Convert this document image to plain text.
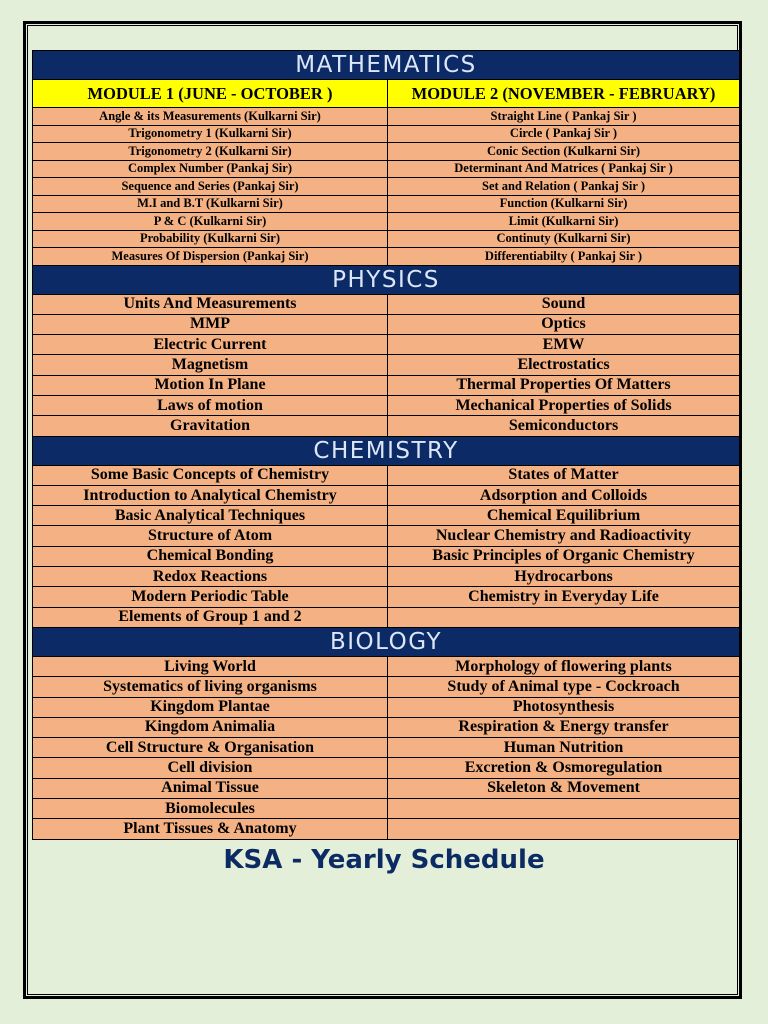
MATHEMATICS	
MODULE 1 (JUNE - OCTOBER )	MODULE 2 (NOVEMBER - FEBRUARY)
Angle & its Measurements (Kulkarni Sir)	Straight Line ( Pankaj Sir )
Trigonometry 1 (Kulkarni Sir)	Circle ( Pankaj Sir )
Trigonometry 2 (Kulkarni Sir)	Conic Section (Kulkarni Sir)
Complex Number (Pankaj Sir)	Determinant And Matrices ( Pankaj Sir )
Sequence and Series (Pankaj Sir)	Set and Relation ( Pankaj Sir )
M.I and B.T (Kulkarni Sir)	Function (Kulkarni Sir)
P & C (Kulkarni Sir)	Limit (Kulkarni Sir)
Probability (Kulkarni Sir)	Continuty (Kulkarni Sir)
Measures Of Dispersion (Pankaj Sir)	Differentiabilty ( Pankaj Sir )
PHYSICS	
Units And Measurements	Sound
MMP	Optics
Electric Current	EMW
Magnetism	Electrostatics
Motion In Plane	Thermal Properties Of Matters
Laws of motion	Mechanical Properties of Solids
Gravitation	Semiconductors
CHEMISTRY	
Some Basic Concepts of Chemistry	States of Matter
Introduction to Analytical Chemistry	Adsorption and Colloids
Basic Analytical Techniques	Chemical Equilibrium
Structure of Atom	Nuclear Chemistry and Radioactivity
Chemical Bonding	Basic Principles of Organic Chemistry
Redox Reactions	Hydrocarbons
Modern Periodic Table	Chemistry in Everyday Life
Elements of Group 1 and 2	
BIOLOGY	
Living World	Morphology of flowering plants
Systematics of living organisms	Study of Animal type - Cockroach
Kingdom Plantae	Photosynthesis
Kingdom Animalia	Respiration & Energy transfer
Cell Structure & Organisation	Human Nutrition
Cell division	Excretion & Osmoregulation
Animal Tissue	Skeleton & Movement
Biomolecules	
Plant Tissues & Anatomy	
KSA - Yearly Schedule
